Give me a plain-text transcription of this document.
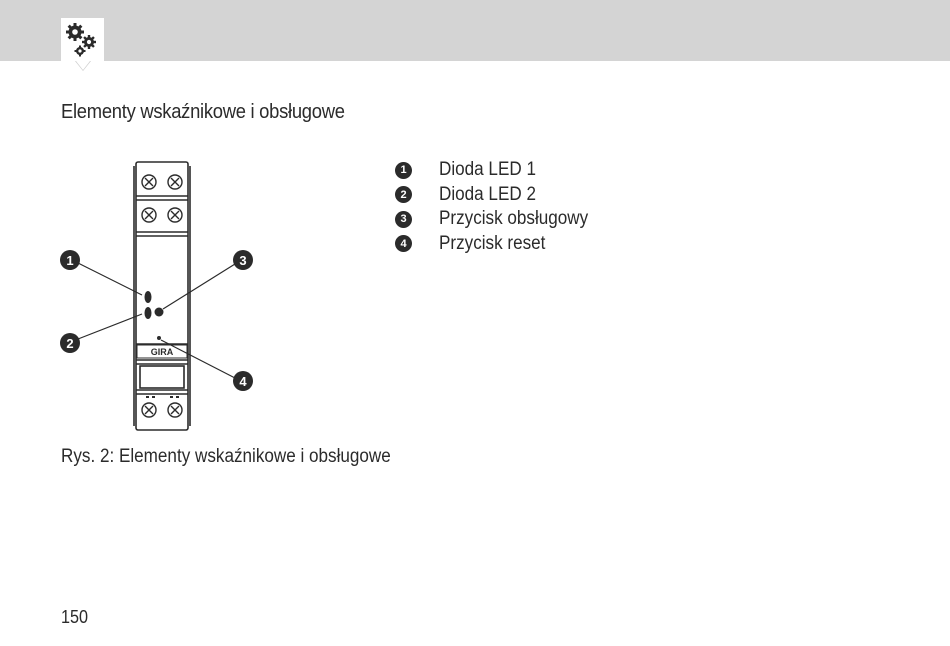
Elementy wskaźnikowe i obsługowe
GIRA
1
2
3
4
1 Dioda LED 1
2 Dioda LED 2
3 Przycisk obsługowy
4 Przycisk reset

Rys. 2: Elementy wskaźnikowe i obsługowe

150
